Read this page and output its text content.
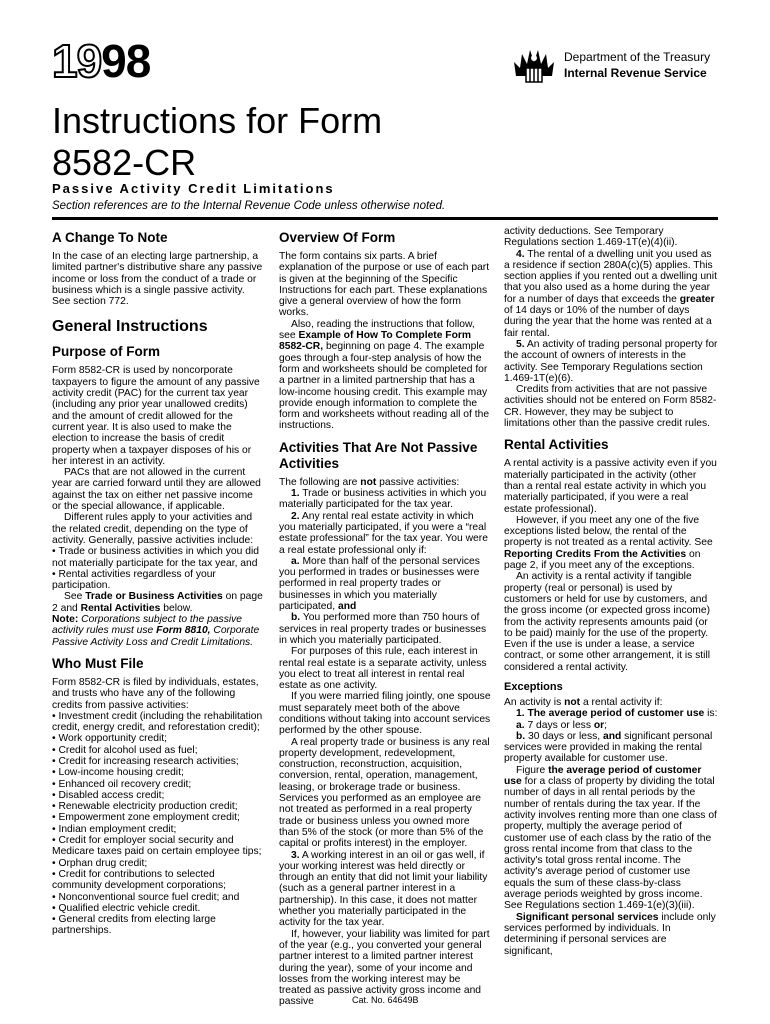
1998	Department of the Treasury
Internal Revenue Service
Instructions for Form
8582-CR
Passive Activity Credit Limitations
Section references are to the Internal Revenue Code unless otherwise noted.
A Change To Note

In the case of an electing large partnership, a limited partner's distributive share any passive income or loss from the conduct of a trade or business which is a single passive activity. See section 772.

General Instructions
Purpose of Form

Form 8582-CR is used by noncorporate taxpayers to figure the amount of any passive activity credit (PAC) for the current tax year (including any prior year unallowed credits) and the amount of credit allowed for the current year. It is also used to make the election to increase the basis of credit property when a taxpayer disposes of his or her interest in an activity.

PACs that are not allowed in the current year are carried forward until they are allowed against the tax on either net passive income or the special allowance, if applicable.

Different rules apply to your activities and the related credit, depending on the type of activity. Generally, passive activities include:

• Trade or business activities in which you did not materially participate for the tax year, and
• Rental activities regardless of your participation.

See Trade or Business Activities on page 2 and Rental Activities below.

Note: Corporations subject to the passive activity rules must use Form 8810, Corporate Passive Activity Loss and Credit Limitations.

Who Must File

Form 8582-CR is filed by individuals, estates, and trusts who have any of the following credits from passive activities:

• Investment credit (including the rehabilitation credit, energy credit, and reforestation credit);
• Work opportunity credit;
• Credit for alcohol used as fuel;
• Credit for increasing research activities;
• Low-income housing credit;
• Enhanced oil recovery credit;
• Disabled access credit;
• Renewable electricity production credit;
• Empowerment zone employment credit;
• Indian employment credit;
• Credit for employer social security and Medicare taxes paid on certain employee tips;
• Orphan drug credit;
• Credit for contributions to selected community development corporations;
• Nonconventional source fuel credit; and
• Qualified electric vehicle credit.
• General credits from electing large partnerships.
Overview Of Form

The form contains six parts. A brief explanation of the purpose or use of each part is given at the beginning of the Specific Instructions for each part. These explanations give a general overview of how the form works.

Also, reading the instructions that follow, see Example of How To Complete Form 8582-CR, beginning on page 4. The example goes through a four-step analysis of how the form and worksheets should be completed for a partner in a limited partnership that has a low-income housing credit. This example may provide enough information to complete the form and worksheets without reading all of the instructions.

Activities That Are Not Passive Activities

The following are not passive activities:

1. Trade or business activities in which you materially participated for the tax year.

2. Any rental real estate activity in which you materially participated, if you were a “real estate professional” for the tax year. You were a real estate professional only if:

a. More than half of the personal services you performed in trades or businesses were performed in real property trades or businesses in which you materially participated, and

b. You performed more than 750 hours of services in real property trades or businesses in which you materially participated.

For purposes of this rule, each interest in rental real estate is a separate activity, unless you elect to treat all interest in rental real estate as one activity.

If you were married filing jointly, one spouse must separately meet both of the above conditions without taking into account services performed by the other spouse.

A real property trade or business is any real property development, redevelopment, construction, reconstruction, acquisition, conversion, rental, operation, management, leasing, or brokerage trade or business. Services you performed as an employee are not treated as performed in a real property trade or business unless you owned more than 5% of the stock (or more than 5% of the capital or profits interest) in the employer.

3. A working interest in an oil or gas well, if your working interest was held directly or through an entity that did not limit your liability (such as a general partner interest in a partnership). In this case, it does not matter whether you materially participated in the activity for the tax year.

If, however, your liability was limited for part of the year (e.g., you converted your general partner interest to a limited partner interest during the year), some of your income and losses from the working interest may be treated as passive activity gross income and passive

activity deductions. See Temporary Regulations section 1.469-1T(e)(4)(ii).

4. The rental of a dwelling unit you used as a residence if section 280A(c)(5) applies. This section applies if you rented out a dwelling unit that you also used as a home during the year for a number of days that exceeds the greater of 14 days or 10% of the number of days during the year that the home was rented at a fair rental.

5. An activity of trading personal property for the account of owners of interests in the activity. See Temporary Regulations section 1.469-1T(e)(6).

Credits from activities that are not passive activities should not be entered on Form 8582-CR. However, they may be subject to limitations other than the passive credit rules.

Rental Activities

A rental activity is a passive activity even if you materially participated in the activity (other than a rental real estate activity in which you materially participated, if you were a real estate professional).

However, if you meet any one of the five exceptions listed below, the rental of the property is not treated as a rental activity. See Reporting Credits From the Activities on page 2, if you meet any of the exceptions.

An activity is a rental activity if tangible property (real or personal) is used by customers or held for use by customers, and the gross income (or expected gross income) from the activity represents amounts paid (or to be paid) mainly for the use of the property. Even if the use is under a lease, a service contract, or some other arrangement, it is still considered a rental activity.

Exceptions

An activity is not a rental activity if:

1. The average period of customer use is:

a. 7 days or less or;

b. 30 days or less, and significant personal services were provided in making the rental property available for customer use.

Figure the average period of customer use for a class of property by dividing the total number of days in all rental periods by the number of rentals during the tax year. If the activity involves renting more than one class of property, multiply the average period of customer use of each class by the ratio of the gross rental income from that class to the activity's total gross rental income. The activity's average period of customer use equals the sum of these class-by-class average periods weighted by gross income. See Regulations section 1.469-1(e)(3)(iii).

Significant personal services include only services performed by individuals. In determining if personal services are significant,

Cat. No. 64649B
